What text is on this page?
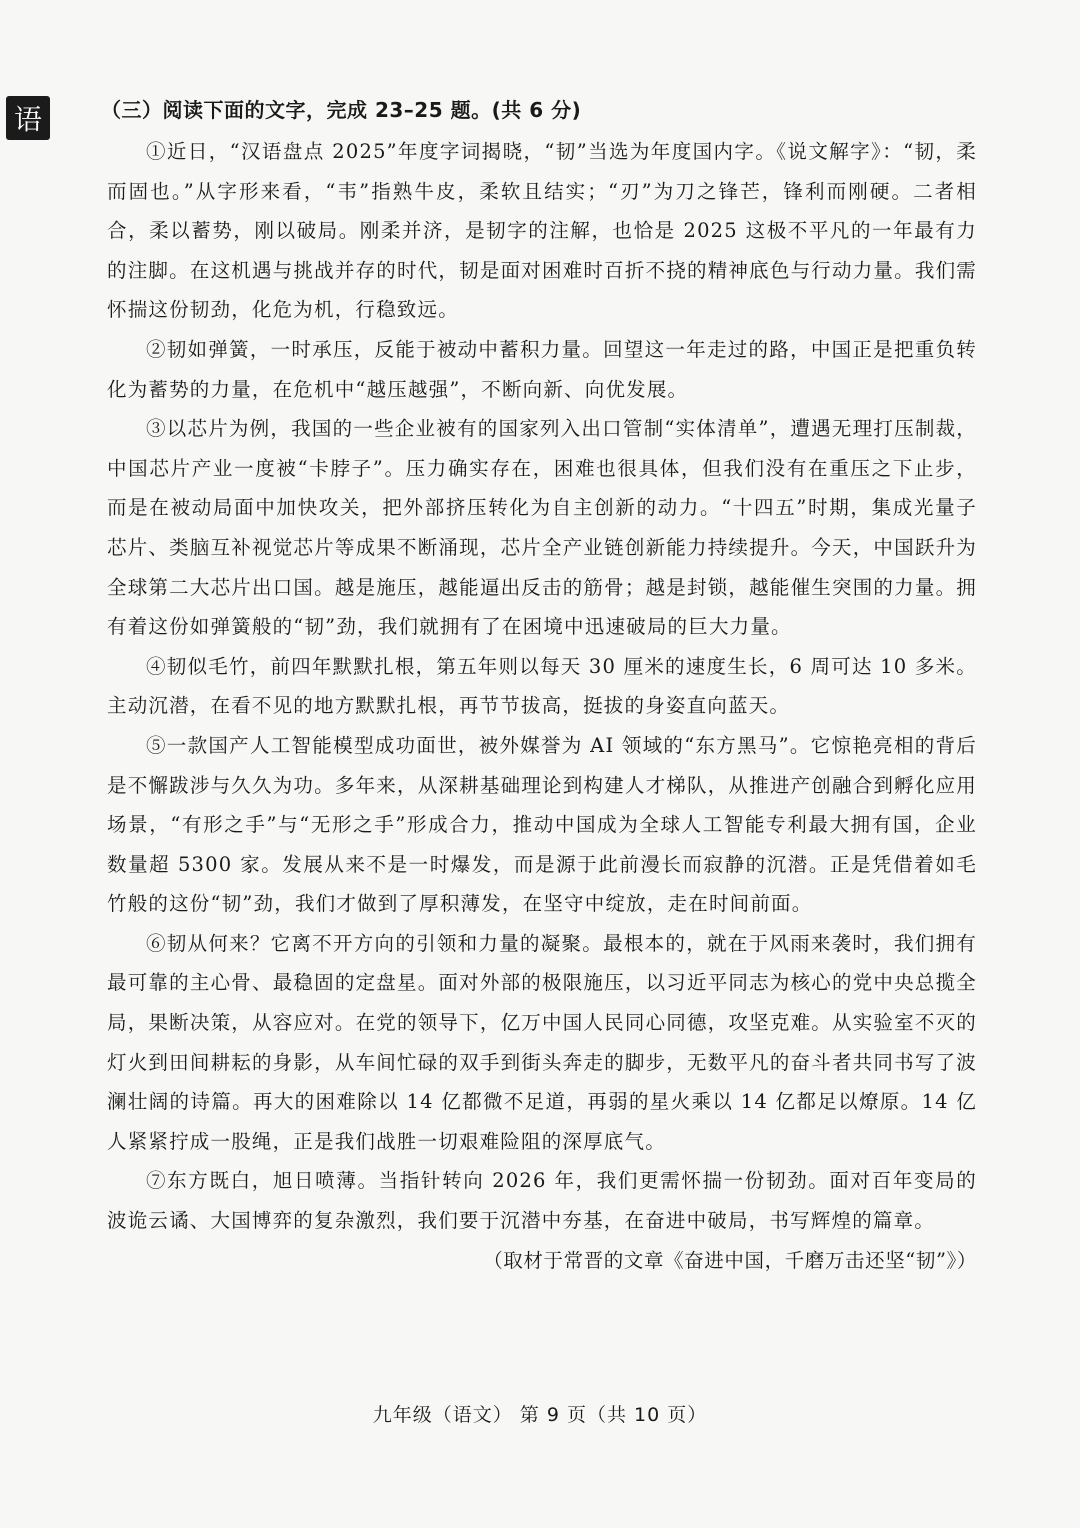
语	（三）阅读下面的文字，完成 23–25 题。(共 6 分)

①近日，“汉语盘点 2025”年度字词揭晓，“韧”当选为年度国内字。《说文解字》：“韧，柔而固也。”从字形来看，“韦”指熟牛皮，柔软且结实；“刃”为刀之锋芒，锋利而刚硬。二者相合，柔以蓄势，刚以破局。刚柔并济，是韧字的注解，也恰是 2025 这极不平凡的一年最有力的注脚。在这机遇与挑战并存的时代，韧是面对困难时百折不挠的精神底色与行动力量。我们需怀揣这份韧劲，化危为机，行稳致远。

②韧如弹簧，一时承压，反能于被动中蓄积力量。回望这一年走过的路，中国正是把重负转化为蓄势的力量，在危机中“越压越强”，不断向新、向优发展。

③以芯片为例，我国的一些企业被有的国家列入出口管制“实体清单”，遭遇无理打压制裁，中国芯片产业一度被“卡脖子”。压力确实存在，困难也很具体，但我们没有在重压之下止步，而是在被动局面中加快攻关，把外部挤压转化为自主创新的动力。“十四五”时期，集成光量子芯片、类脑互补视觉芯片等成果不断涌现，芯片全产业链创新能力持续提升。今天，中国跃升为全球第二大芯片出口国。越是施压，越能逼出反击的筋骨；越是封锁，越能催生突围的力量。拥有着这份如弹簧般的“韧”劲，我们就拥有了在困境中迅速破局的巨大力量。

④韧似毛竹，前四年默默扎根，第五年则以每天 30 厘米的速度生长，6 周可达 10 多米。主动沉潜，在看不见的地方默默扎根，再节节拔高，挺拔的身姿直向蓝天。

⑤一款国产人工智能模型成功面世，被外媒誉为 AI 领域的“东方黑马”。它惊艳亮相的背后是不懈跋涉与久久为功。多年来，从深耕基础理论到构建人才梯队，从推进产创融合到孵化应用场景，“有形之手”与“无形之手”形成合力，推动中国成为全球人工智能专利最大拥有国，企业数量超 5300 家。发展从来不是一时爆发，而是源于此前漫长而寂静的沉潜。正是凭借着如毛竹般的这份“韧”劲，我们才做到了厚积薄发，在坚守中绽放，走在时间前面。

⑥韧从何来？它离不开方向的引领和力量的凝聚。最根本的，就在于风雨来袭时，我们拥有最可靠的主心骨、最稳固的定盘星。面对外部的极限施压，以习近平同志为核心的党中央总揽全局，果断决策，从容应对。在党的领导下，亿万中国人民同心同德，攻坚克难。从实验室不灭的灯火到田间耕耘的身影，从车间忙碌的双手到街头奔走的脚步，无数平凡的奋斗者共同书写了波澜壮阔的诗篇。再大的困难除以 14 亿都微不足道，再弱的星火乘以 14 亿都足以燎原。14 亿人紧紧拧成一股绳，正是我们战胜一切艰难险阻的深厚底气。

⑦东方既白，旭日喷薄。当指针转向 2026 年，我们更需怀揣一份韧劲。面对百年变局的波诡云谲、大国博弈的复杂激烈，我们要于沉潜中夯基，在奋进中破局，书写辉煌的篇章。

（取材于常晋的文章《奋进中国，千磨万击还坚“韧”》）

九年级（语文） 第 9 页（共 10 页）
